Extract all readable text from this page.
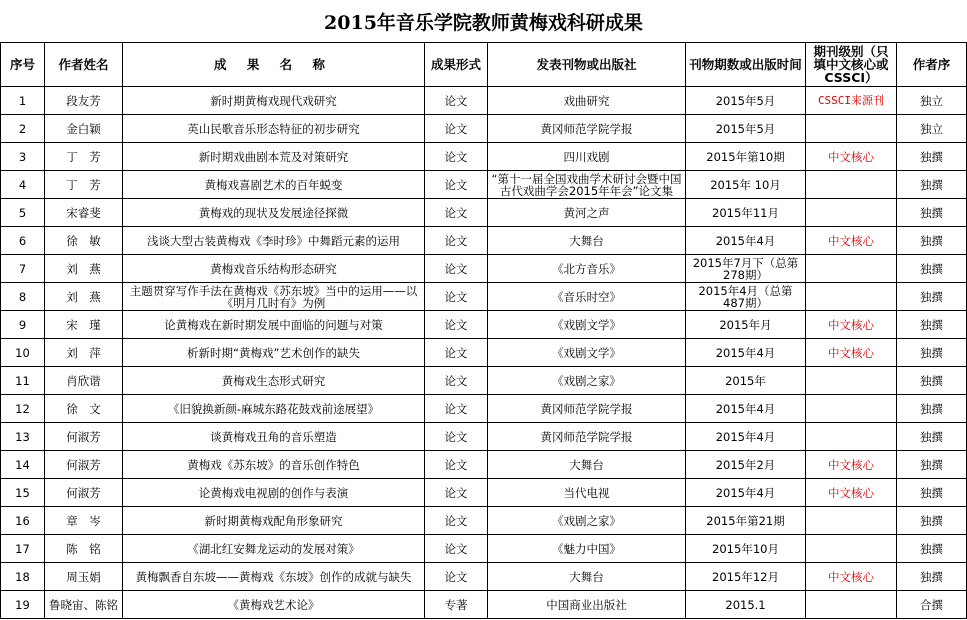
2015年音乐学院教师黄梅戏科研成果
序号	作者姓名	成 果 名 称	成果形式	发表刊物或出版社	刊物期数或出版时间	期刊级别（只填中文核心或CSSCI）	作者序
1	段友芳	新时期黄梅戏现代戏研究	论文	戏曲研究	2015年5月	CSSCI来源刊	独立
2	金白颖	英山民歌音乐形态特征的初步研究	论文	黄冈师范学院学报	2015年5月		独立
3	丁　芳	新时期戏曲剧本荒及对策研究	论文	四川戏剧	2015年第10期	中文核心	独撰
4	丁　芳	黄梅戏喜剧艺术的百年蜕变	论文	“第十一届全国戏曲学术研讨会暨中国古代戏曲学会2015年年会”论文集	2015年 10月		独撰
5	宋睿斐	黄梅戏的现状及发展途径探微	论文	黄河之声	2015年11月		独撰
6	徐　敏	浅谈大型古装黄梅戏《李时珍》中舞蹈元素的运用	论文	大舞台	2015年4月	中文核心	独撰
7	刘　燕	黄梅戏音乐结构形态研究	论文	《北方音乐》	2015年7月下（总第278期）		独撰
8	刘　燕	主题贯穿写作手法在黄梅戏《苏东坡》当中的运用——以《明月几时有》为例	论文	《音乐时空》	2015年4月（总第487期）		独撰
9	宋　瑾	论黄梅戏在新时期发展中面临的问题与对策	论文	《戏剧文学》	2015年月	中文核心	独撰
10	刘　萍	析新时期“黄梅戏”艺术创作的缺失	论文	《戏剧文学》	2015年4月	中文核心	独撰
11	肖欣谐	黄梅戏生态形式研究	论文	《戏剧之家》	2015年		独撰
12	徐　文	《旧貌换新颜-麻城东路花鼓戏前途展望》	论文	黄冈师范学院学报	2015年4月		独撰
13	何淑芳	谈黄梅戏丑角的音乐塑造	论文	黄冈师范学院学报	2015年4月		独撰
14	何淑芳	黄梅戏《苏东坡》的音乐创作特色	论文	大舞台	2015年2月	中文核心	独撰
15	何淑芳	论黄梅戏电视剧的创作与表演	论文	当代电视	2015年4月	中文核心	独撰
16	章　岑	新时期黄梅戏配角形象研究	论文	《戏剧之家》	2015年第21期		独撰
17	陈　铭	《湖北红安舞龙运动的发展对策》	论文	《魅力中国》	2015年10月		独撰
18	周玉娟	黄梅飘香自东坡——黄梅戏《东坡》创作的成就与缺失	论文	大舞台	2015年12月	中文核心	独撰
19	鲁晓宙、陈铭	《黄梅戏艺术论》	专著	中国商业出版社	2015.1		合撰
